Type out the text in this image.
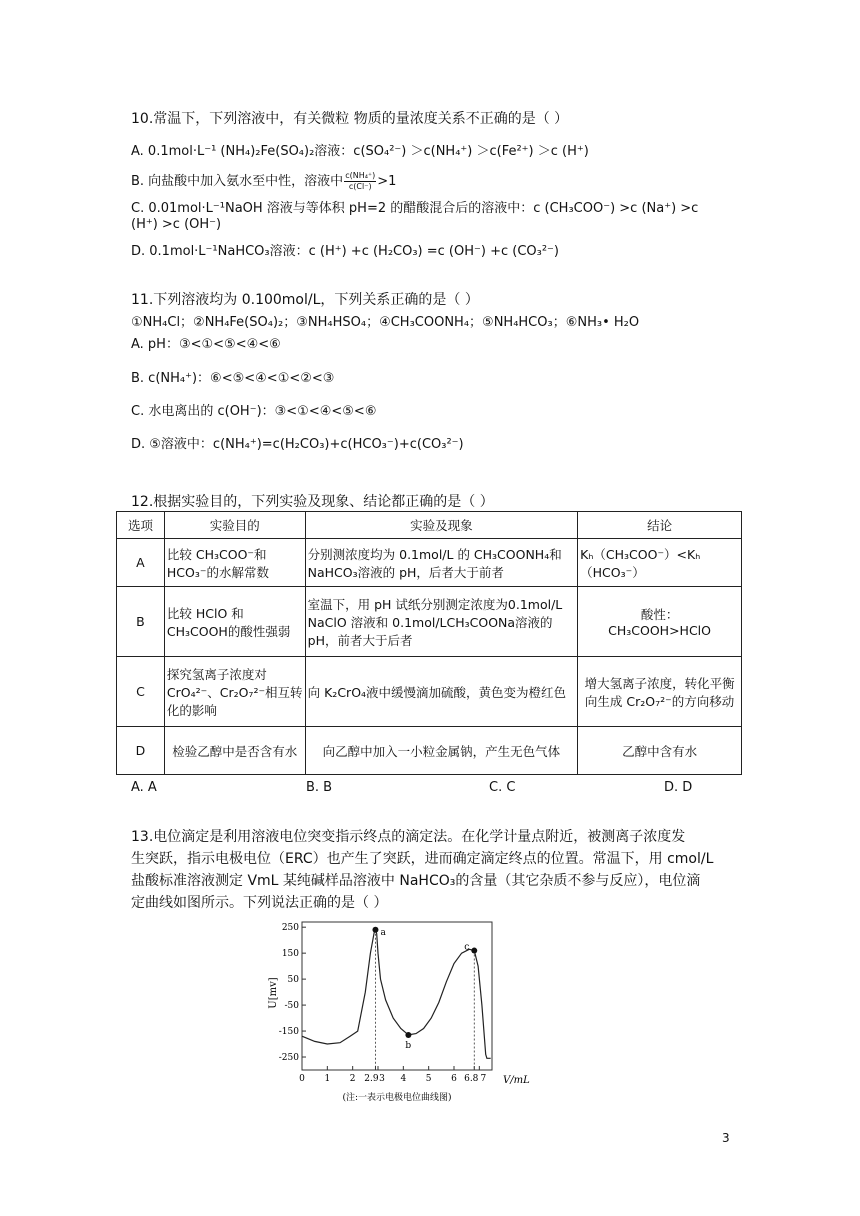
10.常温下，下列溶液中，有关微粒 物质的量浓度关系不正确的是（ ）
A. 0.1mol·L⁻¹ (NH₄)₂Fe(SO₄)₂溶液：c(SO₄²⁻) ＞c(NH₄⁺) ＞c(Fe²⁺) ＞c (H⁺)
B. 向盐酸中加入氨水至中性，溶液中 $\frac{\text{c(NH₄⁺)}}{c(Cl^-)} >1$
C. 0.01mol·L⁻¹NaOH 溶液与等体积 pH=2 的醋酸混合后的溶液中：c (CH₃COO⁻) >c (Na⁺) >c
(H⁺) >c (OH⁻)
D. 0.1mol·L⁻¹NaHCO₃溶液：c (H⁺) +c (H₂CO₃) =c (OH⁻) +c (CO₃²⁻)
11.下列溶液均为 0.100mol/L，下列关系正确的是（ ）
①NH₄Cl；②NH₄Fe(SO₄)₂；③NH₄HSO₄；④CH₃COONH₄；⑤NH₄HCO₃；⑥NH₃• H₂O
A. pH：③<①<⑤<④<⑥
B. c(NH₄⁺)：⑥<⑤<④<①<②<③
C. 水电离出的 c(OH⁻)：③<①<④<⑤<⑥
D. ⑤溶液中：c(NH₄⁺)=c(H₂CO₃)+c(HCO₃⁻)+c(CO₃²⁻)
12.根据实验目的，下列实验及现象、结论都正确的是（ ）
选项	实验目的	实验及现象	结论
A	比较 CH₃COO⁻和 HCO₃⁻的水解常数	分别测浓度均为 0.1mol/L 的 CH₃COONH₄和NaHCO₃溶液的 pH，后者大于前者	Kₕ（CH₃COO⁻）<Kₕ（HCO₃⁻）
B	比较 HClO 和 CH₃COOH的酸性强弱	室温下，用 pH 试纸分别测定浓度为0.1mol/L NaClO 溶液和 0.1mol/LCH₃COONa溶液的 pH，前者大于后者	酸性：
CH₃COOH>HClO
C	探究氢离子浓度对CrO₄²⁻、Cr₂O₇²⁻相互转化的影响	向 K₂CrO₄液中缓慢滴加硫酸，黄色变为橙红色	增大氢离子浓度，转化平衡向生成 Cr₂O₇²⁻的方向移动
D	检验乙醇中是否含有水	向乙醇中加入一小粒金属钠，产生无色气体	乙醇中含有水
A. A	B. B	C. C	D. D
13.电位滴定是利用溶液电位突变指示终点的滴定法。在化学计量点附近，被测离子浓度发
生突跃，指示电极电位（ERC）也产生了突跃，进而确定滴定终点的位置。常温下，用 cmol/L
盐酸标准溶液测定 VmL 某纯碱样品溶液中 NaHCO₃的含量（其它杂质不参与反应），电位滴
定曲线如图所示。下列说法正确的是（ ）
250
150
50
-50
-150
-250
0 1 2 2.9 3 4 5 6 6.8 7
a
b
c
U[mv]
V/mL
(注:一表示电极电位曲线图)
3
